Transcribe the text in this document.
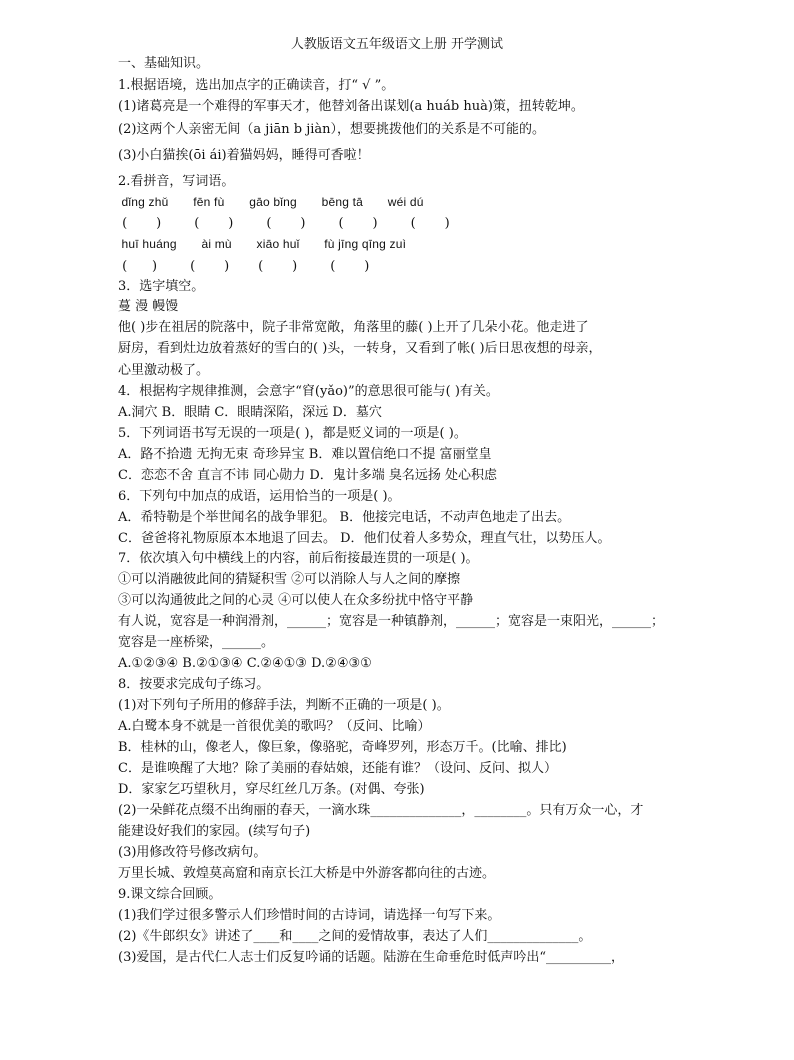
人教版语文五年级语文上册 开学测试
一、基础知识。
1.根据语境，选出加点字的正确读音，打“ √ ”。
(1)诸葛亮是一个难得的军事天才，他替刘备出谋划(a huáb huà)策，扭转乾坤。
(2)这两个人亲密无间（a jiān b jiàn），想要挑拨他们的关系是不可能的。
(3)小白猫挨(ōi ái)着猫妈妈，睡得可香啦！
2.看拼音，写词语。
dǐng zhǔ       fēn fù       gāo bǐng       bēng tā       wéi dú
(       )        (       )        (       )        (       )        (       )
huī huáng       ài mù       xiāo huǐ       fù jīng qīng zuì
(      )        (       )       (       )        (       )
3．选字填空。
蔓 漫 幔馒
他( )步在祖居的院落中，院子非常宽敞，角落里的藤( )上开了几朵小花。他走进了
厨房，看到灶边放着蒸好的雪白的( )头，一转身，又看到了帐( )后日思夜想的母亲，
心里激动极了。
4．根据构字规律推测，会意字“窅(yǎo)”的意思很可能与( )有关。
A.洞穴 B．眼睛 C．眼睛深陷，深远 D．墓穴
5．下列词语书写无误的一项是( )，都是贬义词的一项是( )。
A．路不拾遗 无拘无束 奇珍异宝 B．难以置信绝口不提 富丽堂皇
C．恋恋不舍 直言不讳 同心勋力 D．鬼计多端 臭名远扬 处心积虑
6．下列句中加点的成语，运用恰当的一项是( )。
A．希特勒是个举世闻名的战争罪犯。 B．他接完电话，不动声色地走了出去。
C．爸爸将礼物原原本本地退了回去。 D．他们仗着人多势众，理直气壮，以势压人。
7．依次填入句中横线上的内容，前后衔接最连贯的一项是( )。
①可以消融彼此间的猜疑积雪 ②可以消除人与人之间的摩擦
③可以沟通彼此之间的心灵 ④可以使人在众多纷扰中恪守平静
有人说，宽容是一种润滑剂，______；宽容是一种镇静剂，______；宽容是一束阳光，______；
宽容是一座桥梁，______。
A.①②③④ B.②①③④ C.②④①③ D.②④③①
8．按要求完成句子练习。
(1)对下列句子所用的修辞手法，判断不正确的一项是( )。
A.白鹭本身不就是一首很优美的歌吗？（反问、比喻）
B．桂林的山，像老人，像巨象，像骆驼，奇峰罗列，形态万千。(比喻、排比)
C．是谁唤醒了大地？除了美丽的春姑娘，还能有谁？（设问、反问、拟人）
D．家家乞巧望秋月，穿尽红丝几万条。(对偶、夸张)
(2)一朵鲜花点缀不出绚丽的春天，一滴水珠______________，________。只有万众一心，才
能建设好我们的家园。(续写句子)
(3)用修改符号修改病句。
万里长城、敦煌莫高窟和南京长江大桥是中外游客都向往的古迹。
9.课文综合回顾。
(1)我们学过很多警示人们珍惜时间的古诗词，请选择一句写下来。
(2)《牛郎织女》讲述了____和____之间的爱情故事，表达了人们______________。
(3)爱国，是古代仁人志士们反复吟诵的话题。陆游在生命垂危时低声吟出“__________，
